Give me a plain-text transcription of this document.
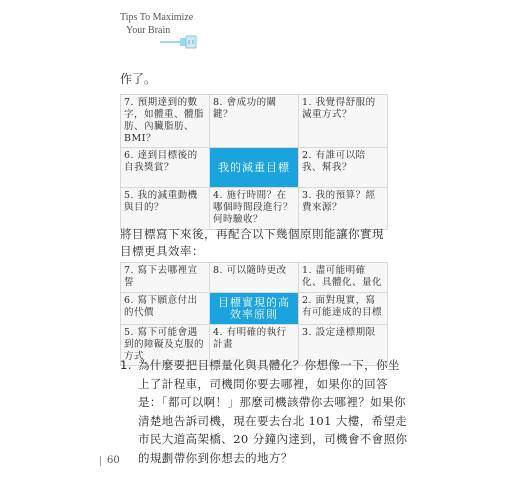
Tips To Maximize
Your Brain
作了。
7. 預期達到的數字，如體重、體脂肪、內臟脂肪、BMI？	8. 會成功的關鍵？	1. 我覺得舒服的減重方式？
6. 達到目標後的自我獎賞？	我的減重目標	2. 有誰可以陪我、幫我？
5. 我的減重動機與目的？	4. 施行時間？在哪個時間段進行？何時驗收？	3. 我的預算？經費來源？
將目標寫下來後，再配合以下幾個原則能讓你實現目標更具效率：
7. 寫下去哪裡宣誓	8. 可以隨時更改	1. 盡可能明確化、具體化、量化
6. 寫下願意付出的代價	目標實現的高效率原則	2. 面對現實，寫有可能達成的目標
5. 寫下可能會遇到的障礙及克服的方式	4. 有明確的執行計畫	3. 設定達標期限
1. 為什麼要把目標量化與具體化？你想像一下，你坐上了計程車，司機問你要去哪裡，如果你的回答是：「都可以啊！」那麼司機該帶你去哪裡？如果你清楚地告訴司機，現在要去台北 101 大樓，希望走市民大道高架橋、20 分鐘內達到，司機會不會照你的規劃帶你到你想去的地方？
60
